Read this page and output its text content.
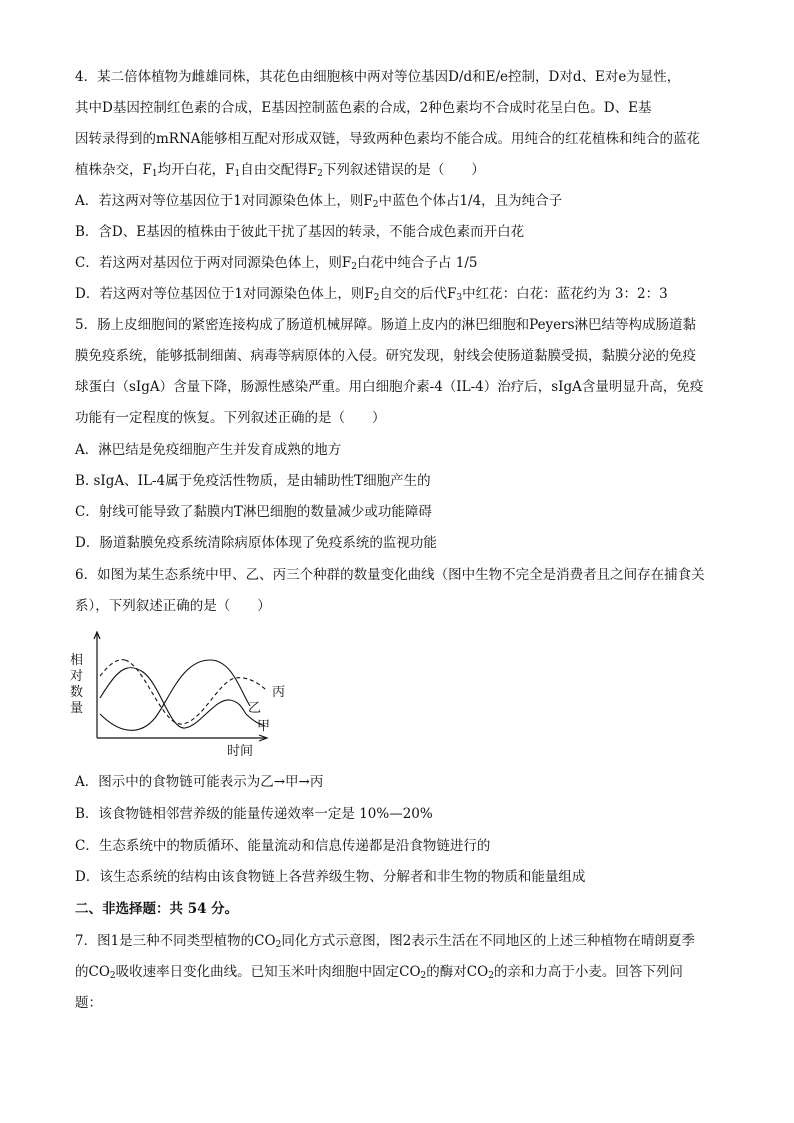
4．某二倍体植物为雌雄同株，其花色由细胞核中两对等位基因D/d和E/e控制，D对d、E对e为显性，
其中D基因控制红色素的合成，E基因控制蓝色素的合成，2种色素均不合成时花呈白色。D、E基
因转录得到的mRNA能够相互配对形成双链，导致两种色素均不能合成。用纯合的红花植株和纯合的蓝花
植株杂交，$F_1$均开白花，$F_1$自由交配得$F_2$下列叙述错误的是（　　）
A．若这两对等位基因位于1对同源染色体上，则$F_2$中蓝色个体占1/4，且为纯合子
B．含D、E基因的植株由于彼此干扰了基因的转录，不能合成色素而开白花
C．若这两对基因位于两对同源染色体上，则$F_2$白花中纯合子占 1/5
D．若这两对等位基因位于1对同源染色体上，则$F_2$自交的后代$F_3$中红花：白花：蓝花约为 3：2：3
5．肠上皮细胞间的紧密连接构成了肠道机械屏障。肠道上皮内的淋巴细胞和Peyers淋巴结等构成肠道黏
膜免疫系统，能够抵制细菌、病毒等病原体的入侵。研究发现，射线会使肠道黏膜受损，黏膜分泌的免疫
球蛋白（sIgA）含量下降，肠源性感染严重。用白细胞介素-4（IL-4）治疗后，sIgA含量明显升高，免疫
功能有一定程度的恢复。下列叙述正确的是（　　）
A．淋巴结是免疫细胞产生并发育成熟的地方
B. sIgA、IL-4属于免疫活性物质，是由辅助性T细胞产生的
C．射线可能导致了黏膜内T淋巴细胞的数量减少或功能障碍
D．肠道黏膜免疫系统清除病原体体现了免疫系统的监视功能
6．如图为某生态系统中甲、乙、丙三个种群的数量变化曲线（图中生物不完全是消费者且之间存在捕食关
系），下列叙述正确的是（　　）
相
对
数
量
时间
丙
乙
甲
A．图示中的食物链可能表示为乙→甲→丙
B．该食物链相邻营养级的能量传递效率一定是 10%—20%
C．生态系统中的物质循环、能量流动和信息传递都是沿食物链进行的
D．该生态系统的结构由该食物链上各营养级生物、分解者和非生物的物质和能量组成
二、非选择题：共 54 分。
7．图1是三种不同类型植物的$CO_2$同化方式示意图，图2表示生活在不同地区的上述三种植物在晴朗夏季
的$CO_2$吸收速率日变化曲线。已知玉米叶肉细胞中固定$CO_2$的酶对$CO_2$的亲和力高于小麦。回答下列问
题：
